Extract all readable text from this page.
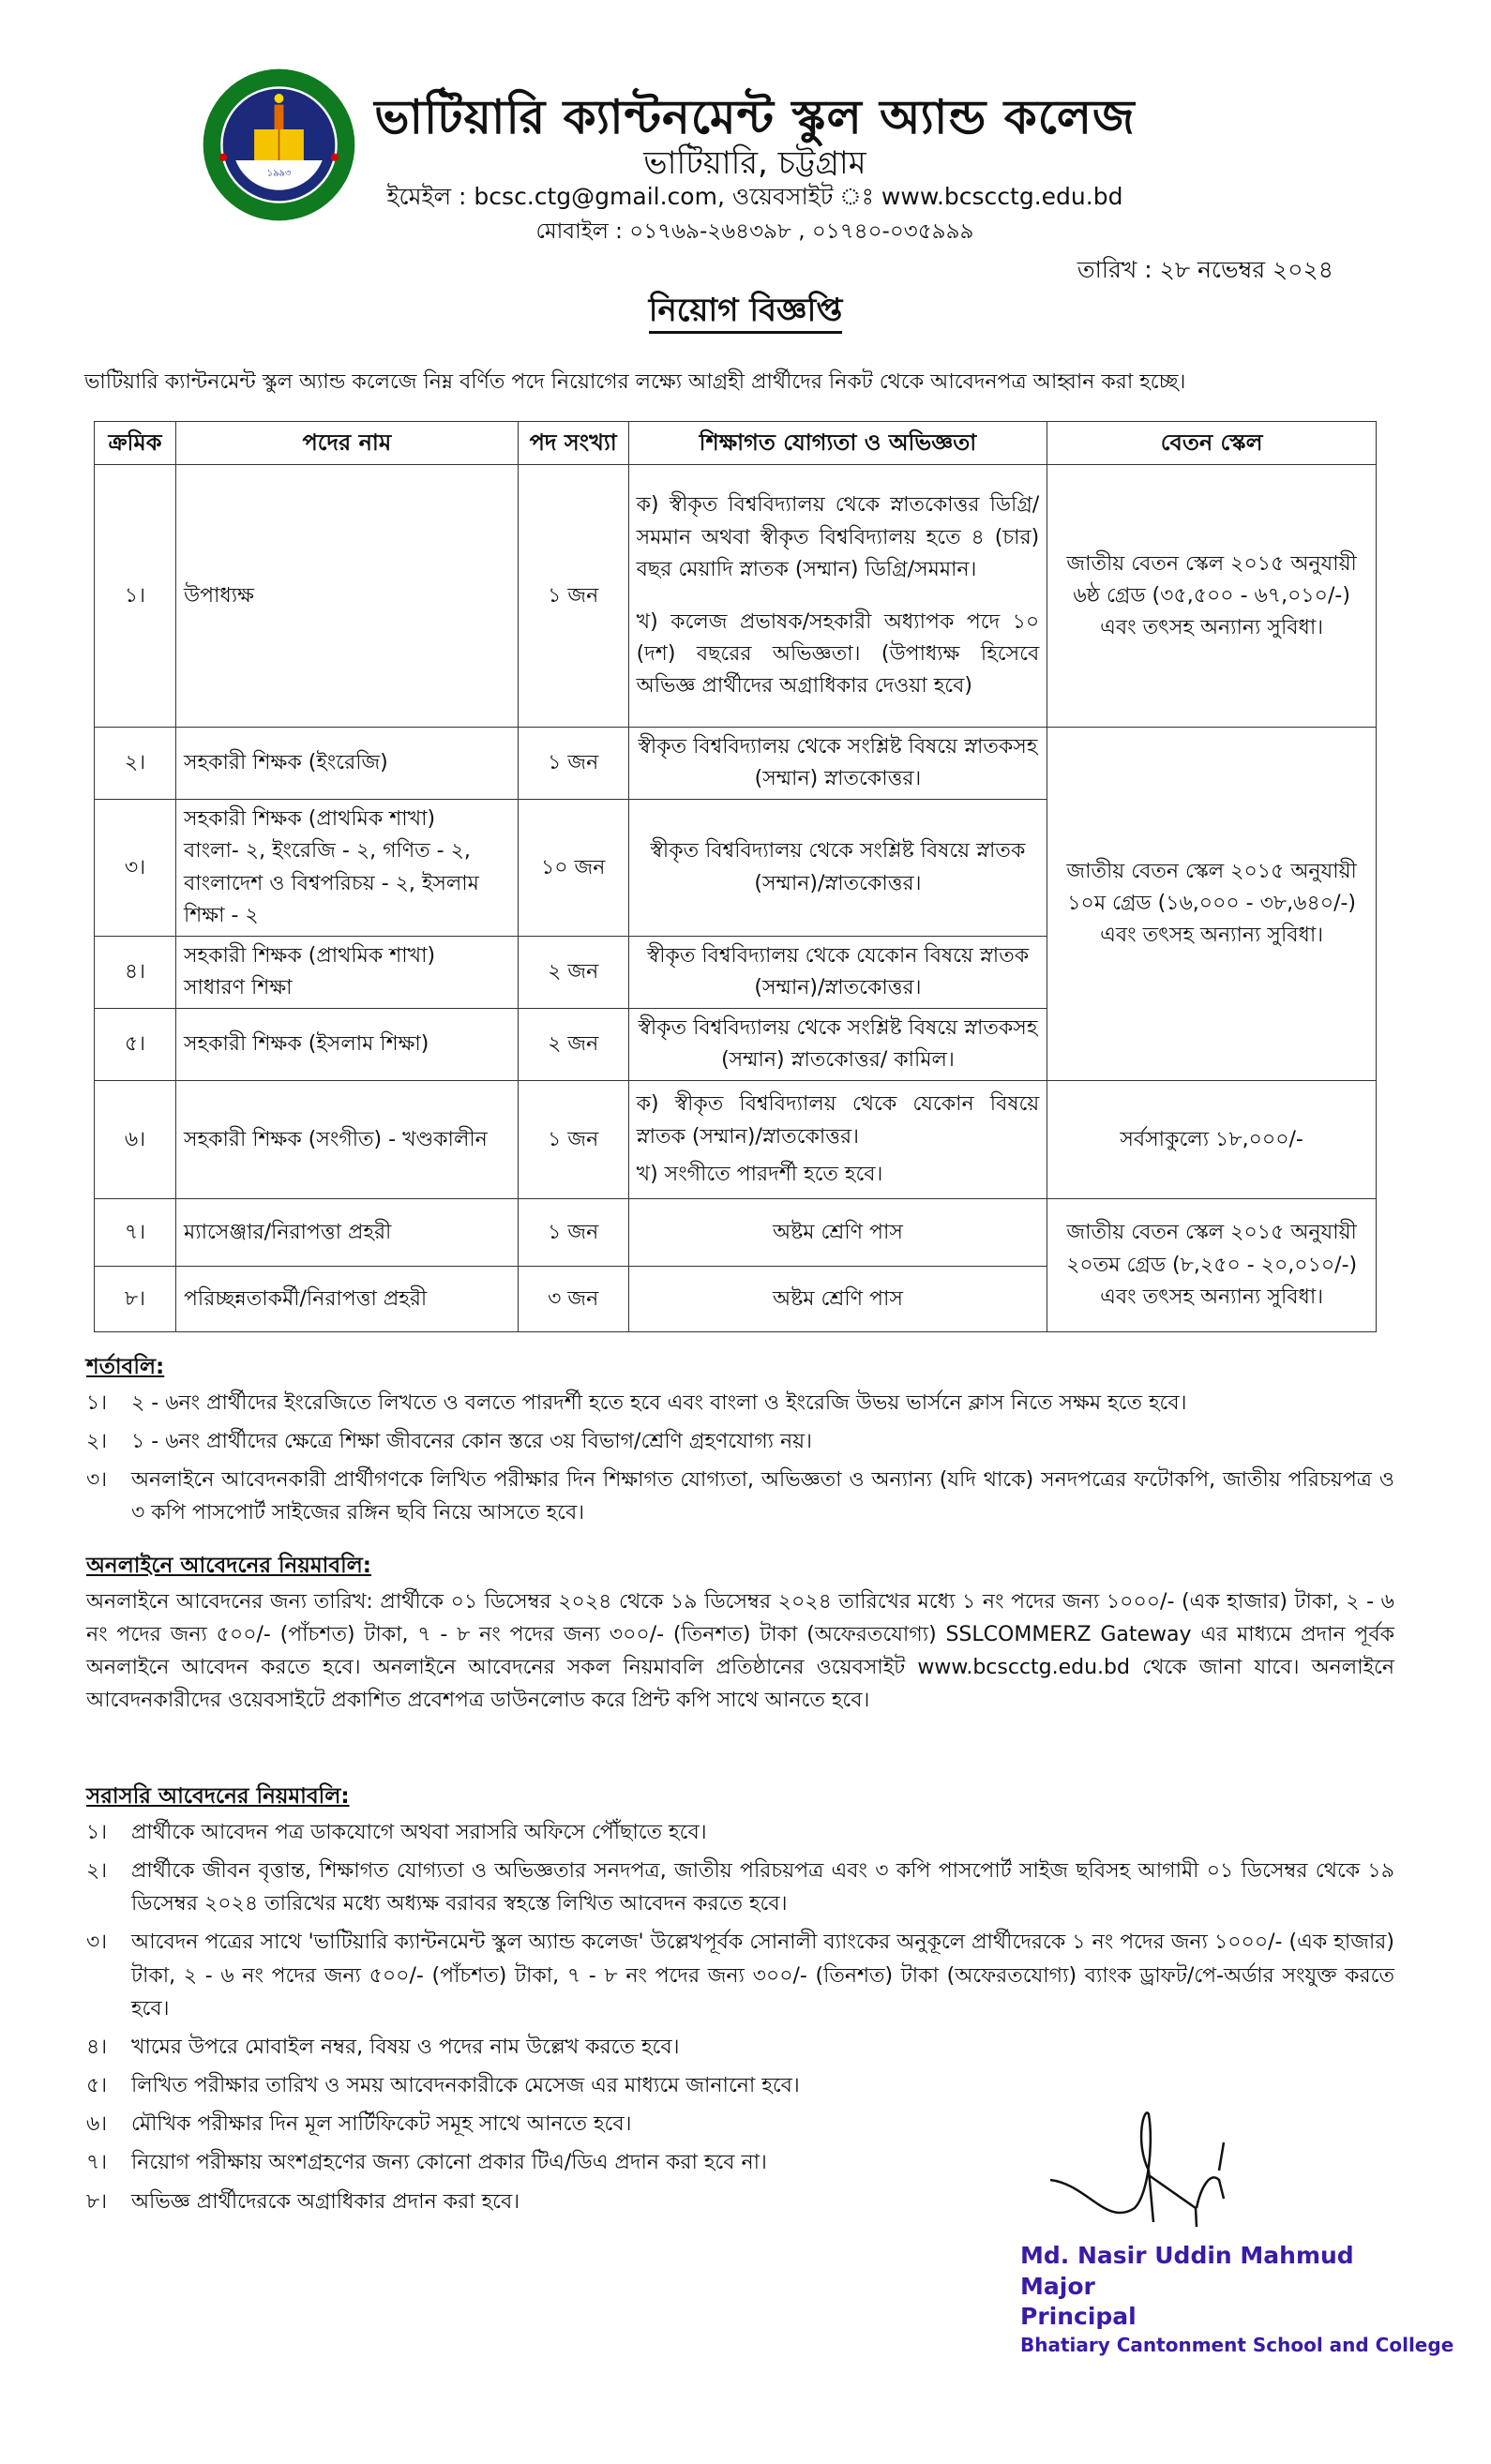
১৯৯৩
ভাটিয়ারি ক্যান্টনমেন্ট স্কুল অ্যান্ড কলেজ
ভাটিয়ারি, চট্টগ্রাম
ইমেইল : bcsc.ctg@gmail.com, ওয়েবসাইট ঃ www.bcscctg.edu.bd
মোবাইল : ০১৭৬৯-২৬৪৩৯৮ , ০১৭৪০-০৩৫৯৯৯
তারিখ : ২৮ নভেম্বর ২০২৪
নিয়োগ বিজ্ঞপ্তি
ভাটিয়ারি ক্যান্টনমেন্ট স্কুল অ্যান্ড কলেজে নিম্ন বর্ণিত পদে নিয়োগের লক্ষ্যে আগ্রহী প্রার্থীদের নিকট থেকে আবেদনপত্র আহ্বান করা হচ্ছে।
ক্রমিক	পদের নাম	পদ সংখ্যা	শিক্ষাগত যোগ্যতা ও অভিজ্ঞতা	বেতন স্কেল
১।	উপাধ্যক্ষ	১ জন	ক) স্বীকৃত বিশ্ববিদ্যালয় থেকে স্নাতকোত্তর ডিগ্রি/সমমান অথবা স্বীকৃত বিশ্ববিদ্যালয় হতে ৪ (চার) বছর মেয়াদি স্নাতক (সম্মান) ডিগ্রি/সমমান।

খ) কলেজ প্রভাষক/সহকারী অধ্যাপক পদে ১০ (দশ) বছরের অভিজ্ঞতা। (উপাধ্যক্ষ হিসেবে অভিজ্ঞ প্রার্থীদের অগ্রাধিকার দেওয়া হবে)	জাতীয় বেতন স্কেল ২০১৫ অনুযায়ী ৬ষ্ঠ গ্রেড (৩৫,৫০০ - ৬৭,০১০/-) এবং তৎসহ অন্যান্য সুবিধা।
২।	সহকারী শিক্ষক (ইংরেজি)	১ জন	স্বীকৃত বিশ্ববিদ্যালয় থেকে সংশ্লিষ্ট বিষয়ে স্নাতকসহ (সম্মান) স্নাতকোত্তর।	জাতীয় বেতন স্কেল ২০১৫ অনুযায়ী ১০ম গ্রেড (১৬,০০০ - ৩৮,৬৪০/-) এবং তৎসহ অন্যান্য সুবিধা।
৩।	সহকারী শিক্ষক (প্রাথমিক শাখা)
বাংলা- ২, ইংরেজি - ২, গণিত - ২, বাংলাদেশ ও বিশ্বপরিচয় - ২, ইসলাম শিক্ষা - ২	১০ জন	স্বীকৃত বিশ্ববিদ্যালয় থেকে সংশ্লিষ্ট বিষয়ে স্নাতক (সম্মান)/স্নাতকোত্তর।	
৪।	সহকারী শিক্ষক (প্রাথমিক শাখা)
সাধারণ শিক্ষা	২ জন	স্বীকৃত বিশ্ববিদ্যালয় থেকে যেকোন বিষয়ে স্নাতক (সম্মান)/স্নাতকোত্তর।	
৫।	সহকারী শিক্ষক (ইসলাম শিক্ষা)	২ জন	স্বীকৃত বিশ্ববিদ্যালয় থেকে সংশ্লিষ্ট বিষয়ে স্নাতকসহ (সম্মান) স্নাতকোত্তর/ কামিল।	
৬।	সহকারী শিক্ষক (সংগীত) - খণ্ডকালীন	১ জন	ক) স্বীকৃত বিশ্ববিদ্যালয় থেকে যেকোন বিষয়ে স্নাতক (সম্মান)/স্নাতকোত্তর।

খ) সংগীতে পারদর্শী হতে হবে।	সর্বসাকুল্যে ১৮,০০০/-
৭।	ম্যাসেঞ্জার/নিরাপত্তা প্রহরী	১ জন	অষ্টম শ্রেণি পাস	জাতীয় বেতন স্কেল ২০১৫ অনুযায়ী ২০তম গ্রেড (৮,২৫০ - ২০,০১০/-) এবং তৎসহ অন্যান্য সুবিধা।
৮।	পরিচ্ছন্নতাকর্মী/নিরাপত্তা প্রহরী	৩ জন	অষ্টম শ্রেণি পাস	
শর্তাবলি:
১।	২ - ৬নং প্রার্থীদের ইংরেজিতে লিখতে ও বলতে পারদর্শী হতে হবে এবং বাংলা ও ইংরেজি উভয় ভার্সনে ক্লাস নিতে সক্ষম হতে হবে।
২।	১ - ৬নং প্রার্থীদের ক্ষেত্রে শিক্ষা জীবনের কোন স্তরে ৩য় বিভাগ/শ্রেণি গ্রহণযোগ্য নয়।
৩।	অনলাইনে আবেদনকারী প্রার্থীগণকে লিখিত পরীক্ষার দিন শিক্ষাগত যোগ্যতা, অভিজ্ঞতা ও অন্যান্য (যদি থাকে) সনদপত্রের ফটোকপি, জাতীয় পরিচয়পত্র ও ৩ কপি পাসপোর্ট সাইজের রঙ্গিন ছবি নিয়ে আসতে হবে।
অনলাইনে আবেদনের নিয়মাবলি:

অনলাইনে আবেদনের জন্য তারিখ: প্রার্থীকে ০১ ডিসেম্বর ২০২৪ থেকে ১৯ ডিসেম্বর ২০২৪ তারিখের মধ্যে ১ নং পদের জন্য ১০০০/- (এক হাজার) টাকা, ২ - ৬ নং পদের জন্য ৫০০/- (পাঁচশত) টাকা, ৭ - ৮ নং পদের জন্য ৩০০/- (তিনশত) টাকা (অফেরতযোগ্য) SSLCOMMERZ Gateway এর মাধ্যমে প্রদান পূর্বক অনলাইনে আবেদন করতে হবে। অনলাইনে আবেদনের সকল নিয়মাবলি প্রতিষ্ঠানের ওয়েবসাইট www.bcscctg.edu.bd থেকে জানা যাবে। অনলাইনে আবেদনকারীদের ওয়েবসাইটে প্রকাশিত প্রবেশপত্র ডাউনলোড করে প্রিন্ট কপি সাথে আনতে হবে।

সরাসরি আবেদনের নিয়মাবলি:
১।	প্রার্থীকে আবেদন পত্র ডাকযোগে অথবা সরাসরি অফিসে পৌঁছাতে হবে।
২।	প্রার্থীকে জীবন বৃত্তান্ত, শিক্ষাগত যোগ্যতা ও অভিজ্ঞতার সনদপত্র, জাতীয় পরিচয়পত্র এবং ৩ কপি পাসপোর্ট সাইজ ছবিসহ আগামী ০১ ডিসেম্বর থেকে ১৯ ডিসেম্বর ২০২৪ তারিখের মধ্যে অধ্যক্ষ বরাবর স্বহস্তে লিখিত আবেদন করতে হবে।
৩।	আবেদন পত্রের সাথে 'ভাটিয়ারি ক্যান্টনমেন্ট স্কুল অ্যান্ড কলেজ' উল্লেখপূর্বক সোনালী ব্যাংকের অনুকূলে প্রার্থীদেরকে ১ নং পদের জন্য ১০০০/- (এক হাজার) টাকা, ২ - ৬ নং পদের জন্য ৫০০/- (পাঁচশত) টাকা, ৭ - ৮ নং পদের জন্য ৩০০/- (তিনশত) টাকা (অফেরতযোগ্য) ব্যাংক ড্রাফট/পে-অর্ডার সংযুক্ত করতে হবে।
৪।	খামের উপরে মোবাইল নম্বর, বিষয় ও পদের নাম উল্লেখ করতে হবে।
৫।	লিখিত পরীক্ষার তারিখ ও সময় আবেদনকারীকে মেসেজ এর মাধ্যমে জানানো হবে।
৬।	মৌখিক পরীক্ষার দিন মূল সার্টিফিকেট সমূহ সাথে আনতে হবে।
৭।	নিয়োগ পরীক্ষায় অংশগ্রহণের জন্য কোনো প্রকার টিএ/ডিএ প্রদান করা হবে না।
৮।	অভিজ্ঞ প্রার্থীদেরকে অগ্রাধিকার প্রদান করা হবে।
Md. Nasir Uddin Mahmud
Major
Principal
Bhatiary Cantonment School and College
